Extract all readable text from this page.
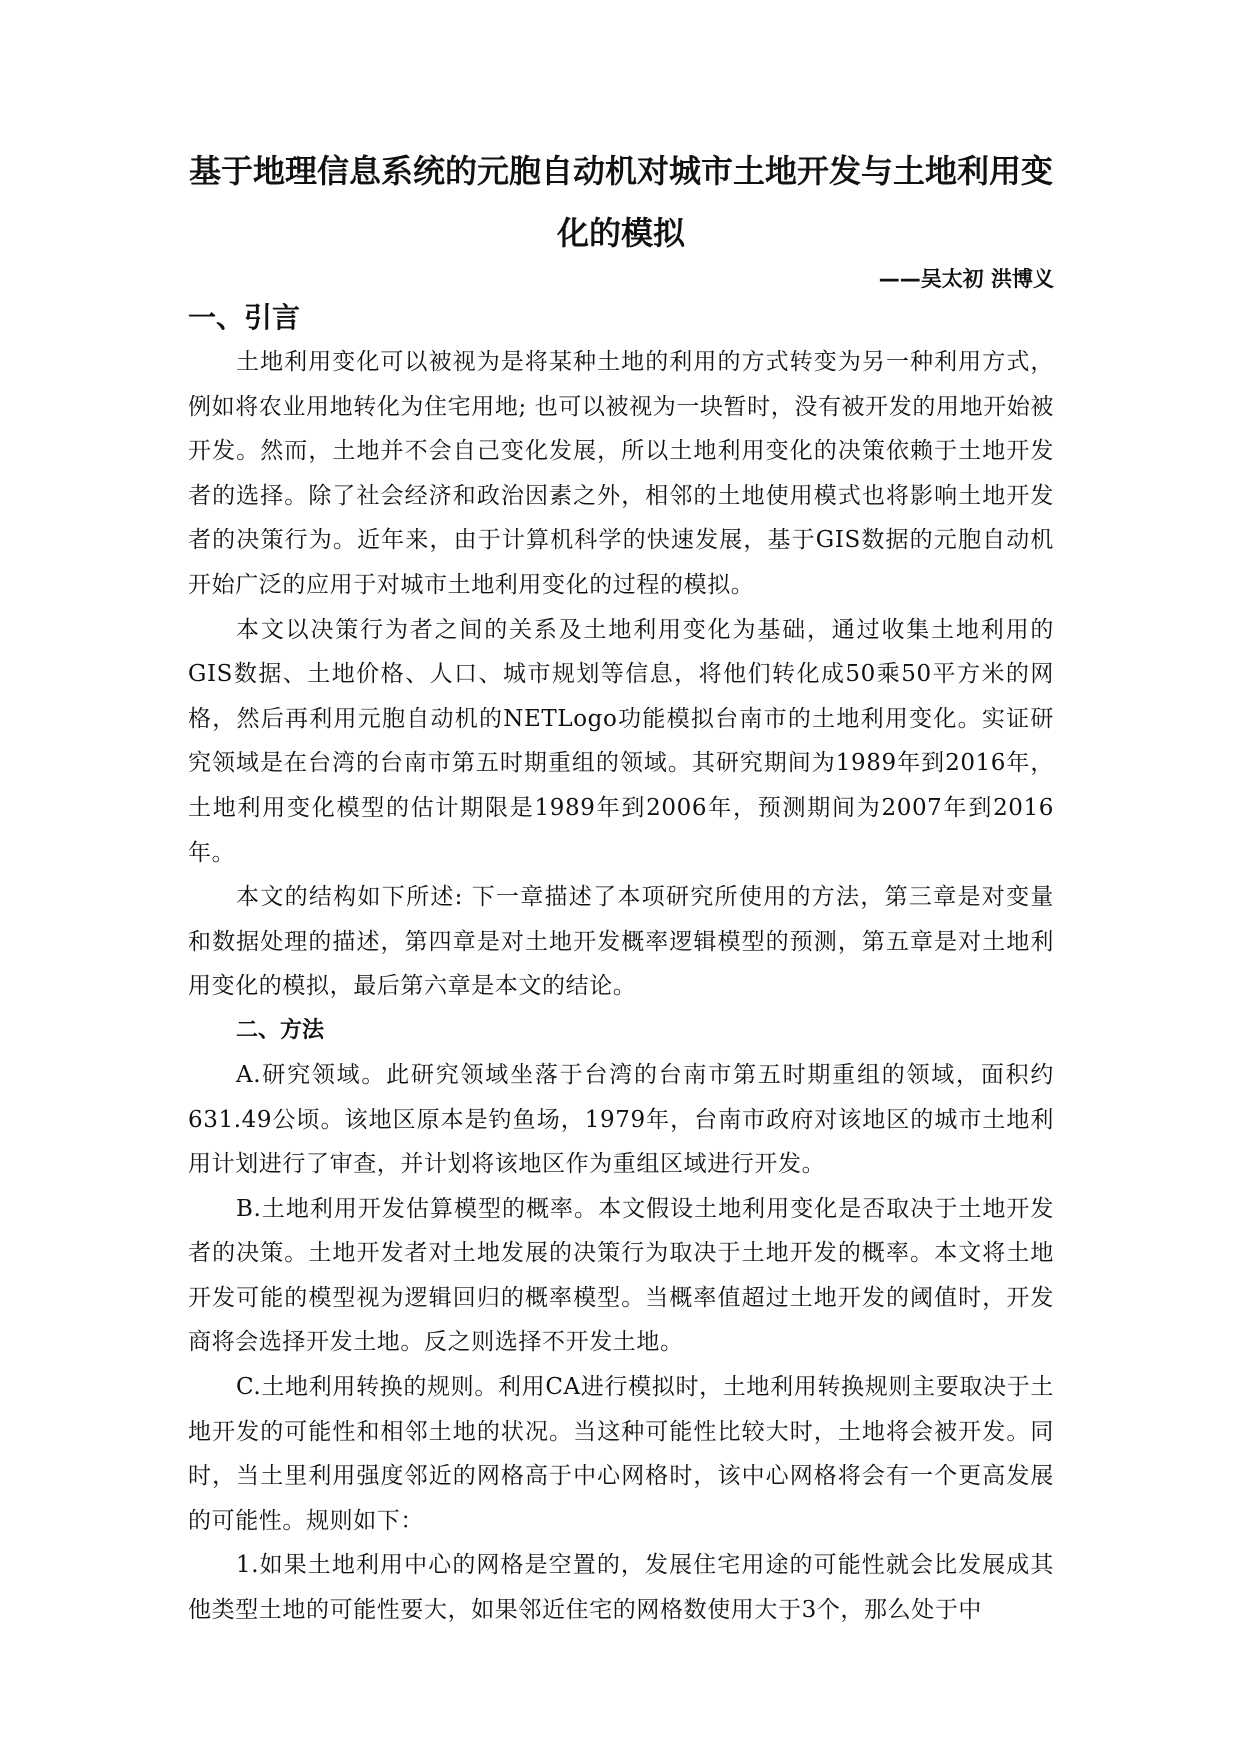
基于地理信息系统的元胞自动机对城市土地开发与土地利用变化的模拟
——吴太初 洪博义
一、引言

土地利用变化可以被视为是将某种土地的利用的方式转变为另一种利用方式，例如将农业用地转化为住宅用地; 也可以被视为一块暂时，没有被开发的用地开始被开发。然而，土地并不会自己变化发展，所以土地利用变化的决策依赖于土地开发者的选择。除了社会经济和政治因素之外，相邻的土地使用模式也将影响土地开发者的决策行为。近年来，由于计算机科学的快速发展，基于GIS数据的元胞自动机开始广泛的应用于对城市土地利用变化的过程的模拟。

本文以决策行为者之间的关系及土地利用变化为基础，通过收集土地利用的GIS数据、土地价格、人口、城市规划等信息，将他们转化成50乘50平方米的网格，然后再利用元胞自动机的NETLogo功能模拟台南市的土地利用变化。实证研究领域是在台湾的台南市第五时期重组的领域。其研究期间为1989年到2016年，土地利用变化模型的估计期限是1989年到2006年，预测期间为2007年到2016年。

本文的结构如下所述: 下一章描述了本项研究所使用的方法，第三章是对变量和数据处理的描述，第四章是对土地开发概率逻辑模型的预测，第五章是对土地利用变化的模拟，最后第六章是本文的结论。

二、方法

A.研究领域。此研究领域坐落于台湾的台南市第五时期重组的领域，面积约631.49公顷。该地区原本是钓鱼场，1979年，台南市政府对该地区的城市土地利用计划进行了审查，并计划将该地区作为重组区域进行开发。

B.土地利用开发估算模型的概率。本文假设土地利用变化是否取决于土地开发者的决策。土地开发者对土地发展的决策行为取决于土地开发的概率。本文将土地开发可能的模型视为逻辑回归的概率模型。当概率值超过土地开发的阈值时，开发商将会选择开发土地。反之则选择不开发土地。

C.土地利用转换的规则。利用CA进行模拟时，土地利用转换规则主要取决于土地开发的可能性和相邻土地的状况。当这种可能性比较大时，土地将会被开发。同时，当土里利用强度邻近的网格高于中心网格时，该中心网格将会有一个更高发展的可能性。规则如下：

1.如果土地利用中心的网格是空置的，发展住宅用途的可能性就会比发展成其他类型土地的可能性要大，如果邻近住宅的网格数使用大于3个，那么处于中
